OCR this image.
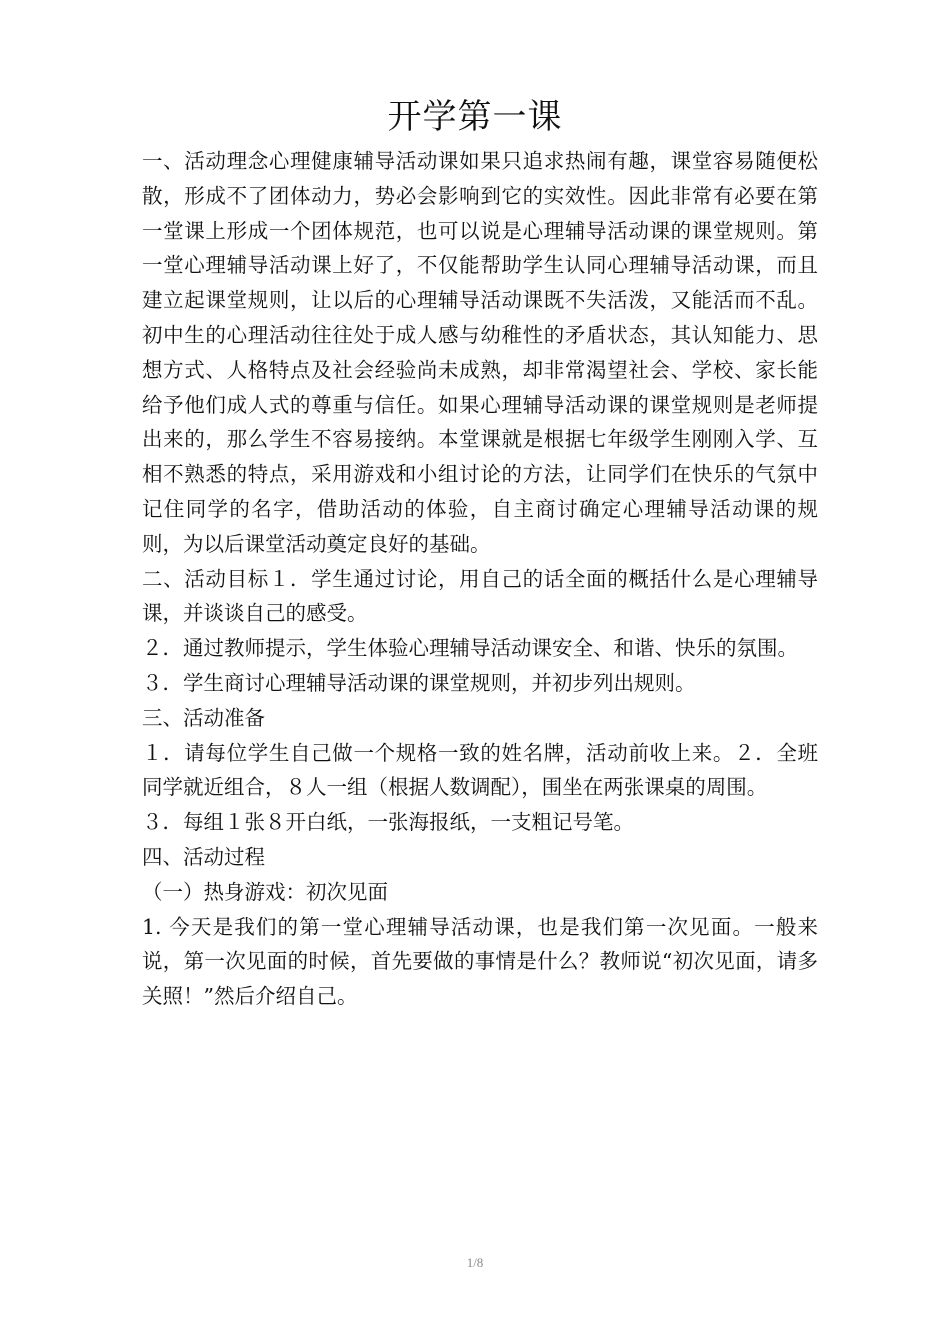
开学第一课

一、活动理念心理健康辅导活动课如果只追求热闹有趣，课堂容易随便松散，形成不了团体动力，势必会影响到它的实效性。因此非常有必要在第一堂课上形成一个团体规范，也可以说是心理辅导活动课的课堂规则。第一堂心理辅导活动课上好了，不仅能帮助学生认同心理辅导活动课，而且建立起课堂规则，让以后的心理辅导活动课既不失活泼，又能活而不乱。初中生的心理活动往往处于成人感与幼稚性的矛盾状态，其认知能力、思想方式、人格特点及社会经验尚未成熟，却非常渴望社会、学校、家长能给予他们成人式的尊重与信任。如果心理辅导活动课的课堂规则是老师提出来的，那么学生不容易接纳。本堂课就是根据七年级学生刚刚入学、互相不熟悉的特点，采用游戏和小组讨论的方法，让同学们在快乐的气氛中记住同学的名字，借助活动的体验，自主商讨确定心理辅导活动课的规则，为以后课堂活动奠定良好的基础。

二、活动目标１．学生通过讨论，用自己的话全面的概括什么是心理辅导课，并谈谈自己的感受。

２．通过教师提示，学生体验心理辅导活动课安全、和谐、快乐的氛围。

３．学生商讨心理辅导活动课的课堂规则，并初步列出规则。

三、活动准备

１．请每位学生自己做一个规格一致的姓名牌，活动前收上来。２．全班同学就近组合，８人一组（根据人数调配），围坐在两张课桌的周围。

３．每组１张８开白纸，一张海报纸，一支粗记号笔。

四、活动过程

（一）热身游戏：初次见面

1. 今天是我们的第一堂心理辅导活动课，也是我们第一次见面。一般来说，第一次见面的时候，首先要做的事情是什么？教师说“初次见面，请多关照！”然后介绍自己。

1/8
